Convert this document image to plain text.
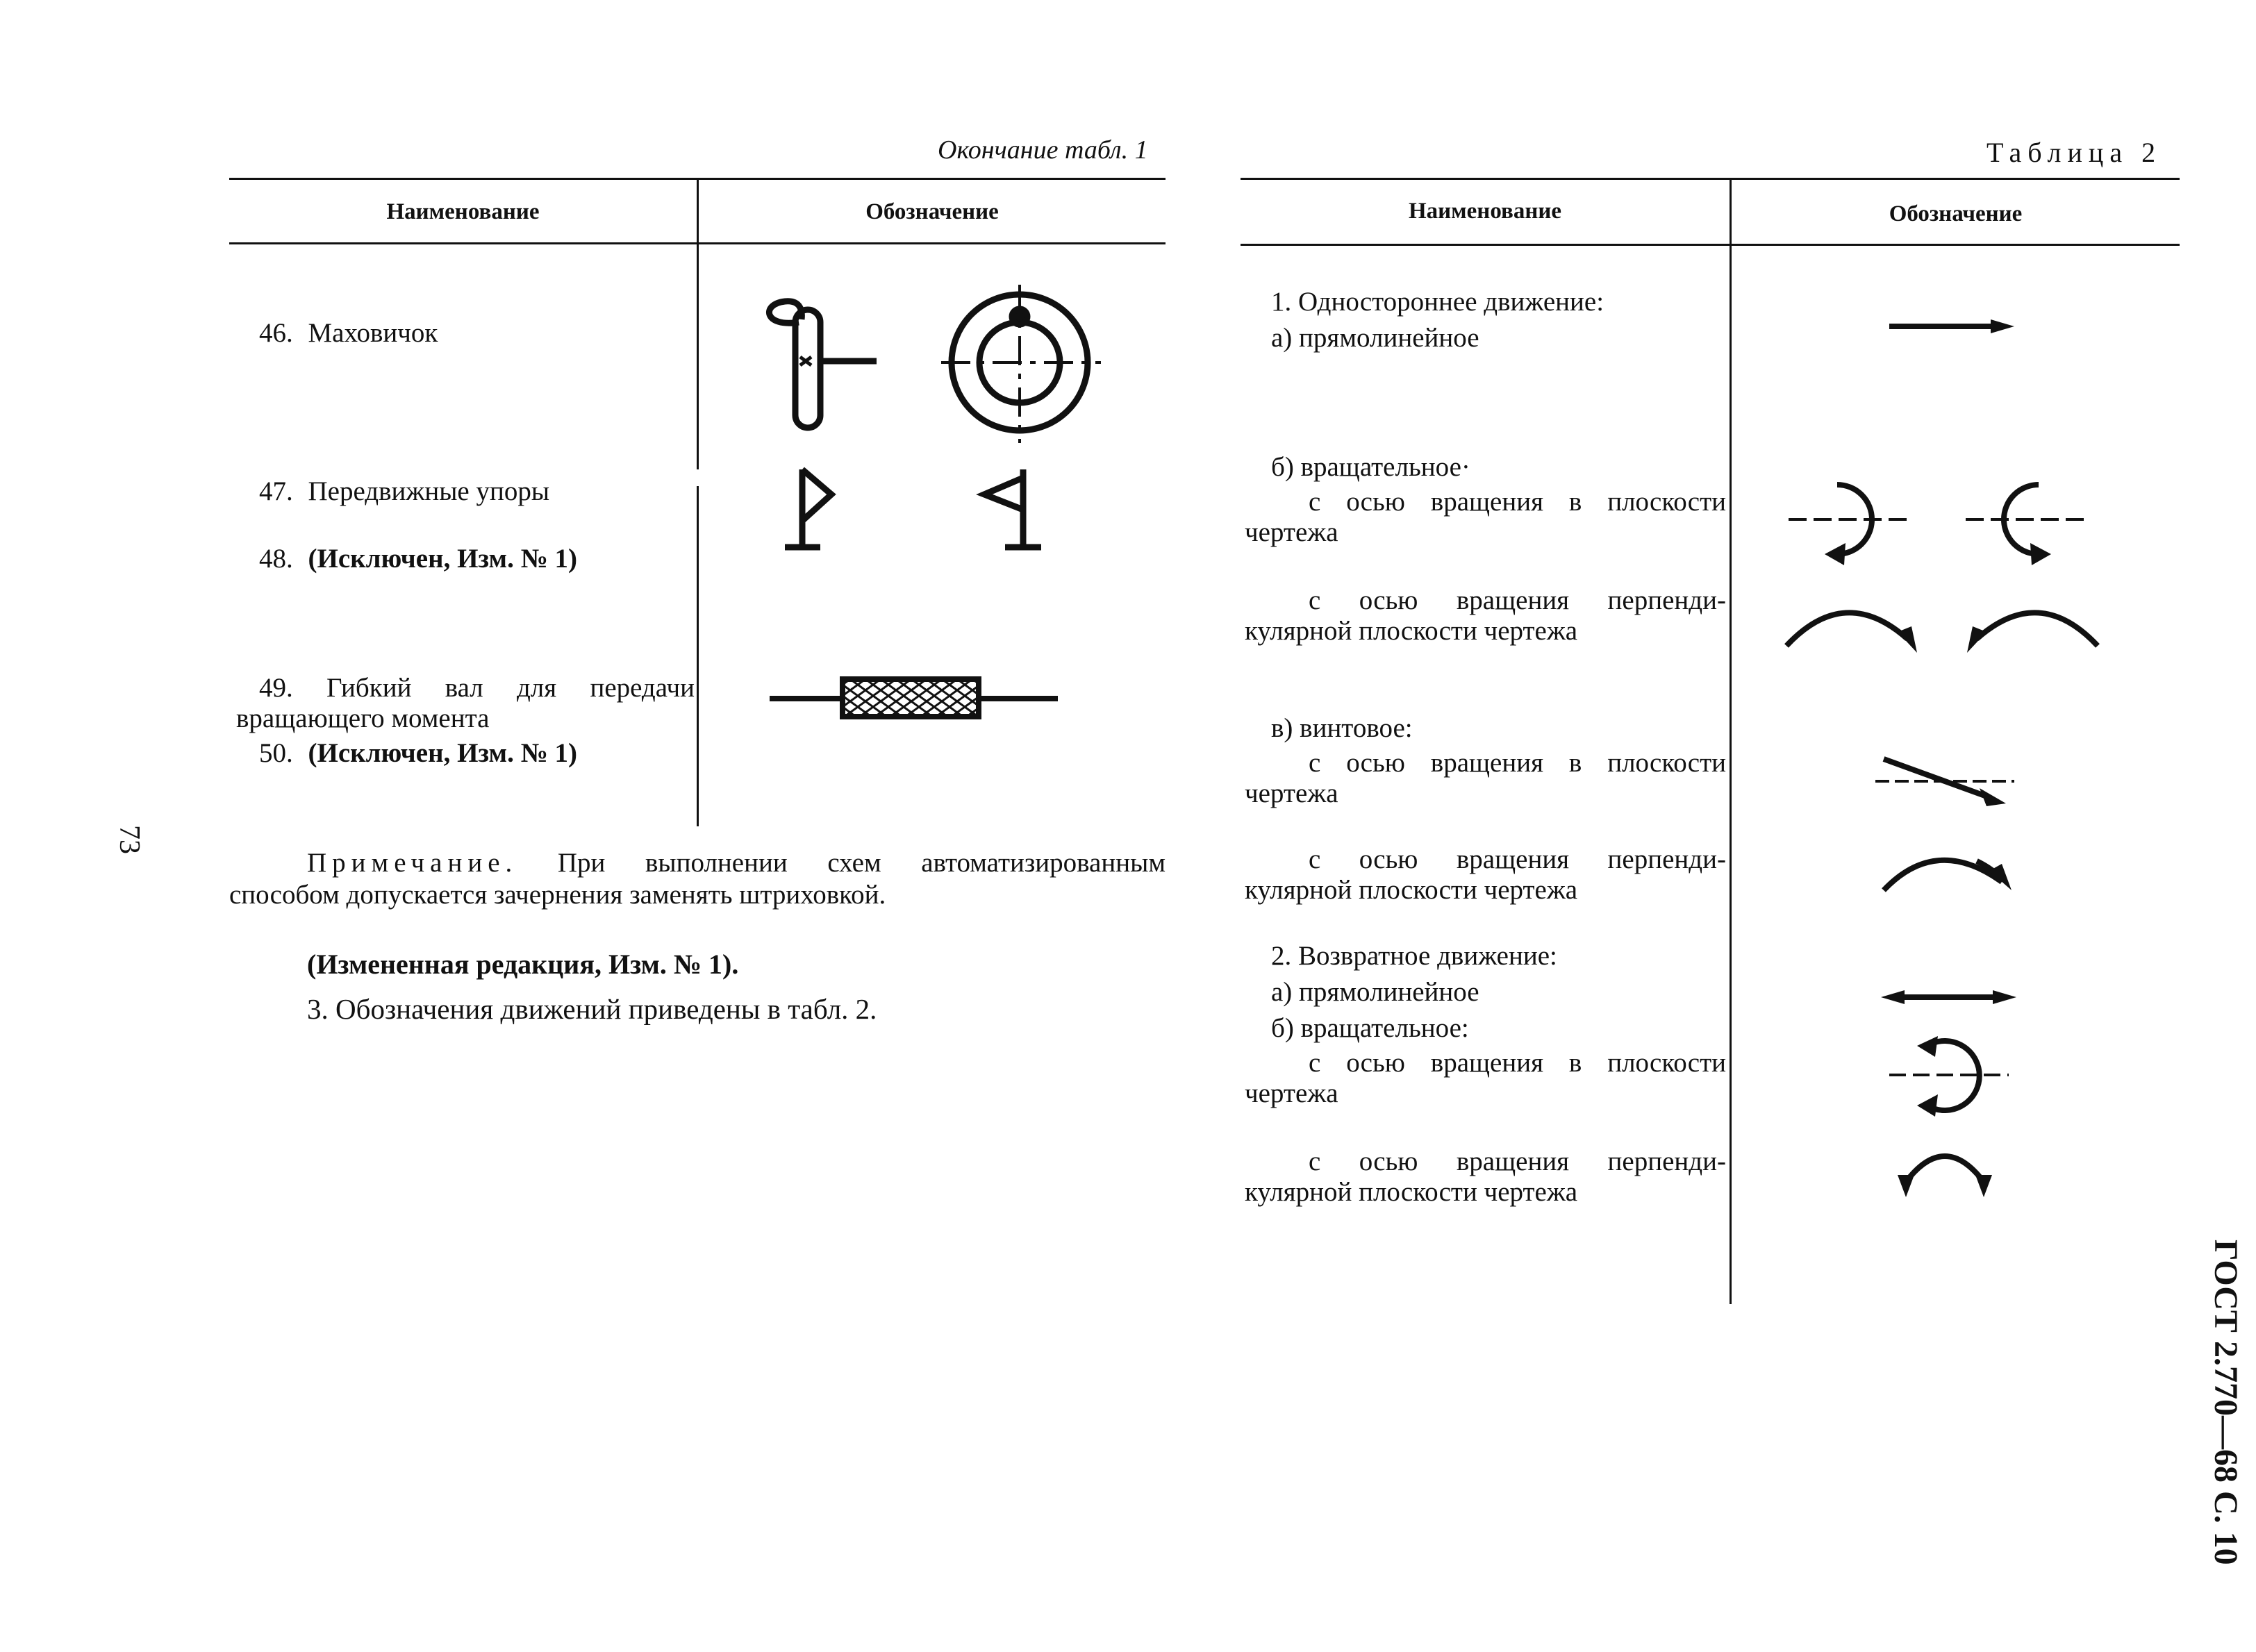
Окончание табл. 1
Наименование	Обозначение
46. Маховичок
47. Передвижные упоры
48. (Исключен, Изм. № 1)
49. Гибкий вал для передачи
вращающего момента
50. (Исключен, Изм. № 1)
Примечание. При выполнении схем автоматизированным
способом допускается зачернения заменять штриховкой.
(Измененная редакция, Изм. № 1).
3. Обозначения движений приведены в табл. 2.
73
Таблица 2
Наименование	Обозначение
1. Одностороннее движение:
а) прямолинейное
б) вращательное·
с осью вращения в плоскости
чертежа
с осью вращения перпенди-
кулярной плоскости чертежа
в) винтовое:
с осью вращения в плоскости
чертежа
с осью вращения перпенди-
кулярной плоскости чертежа
2. Возвратное движение:
а) прямолинейное
б) вращательное:
с осью вращения в плоскости
чертежа
с осью вращения перпенди-
кулярной плоскости чертежа
ГОСТ 2.770—68 С. 10
